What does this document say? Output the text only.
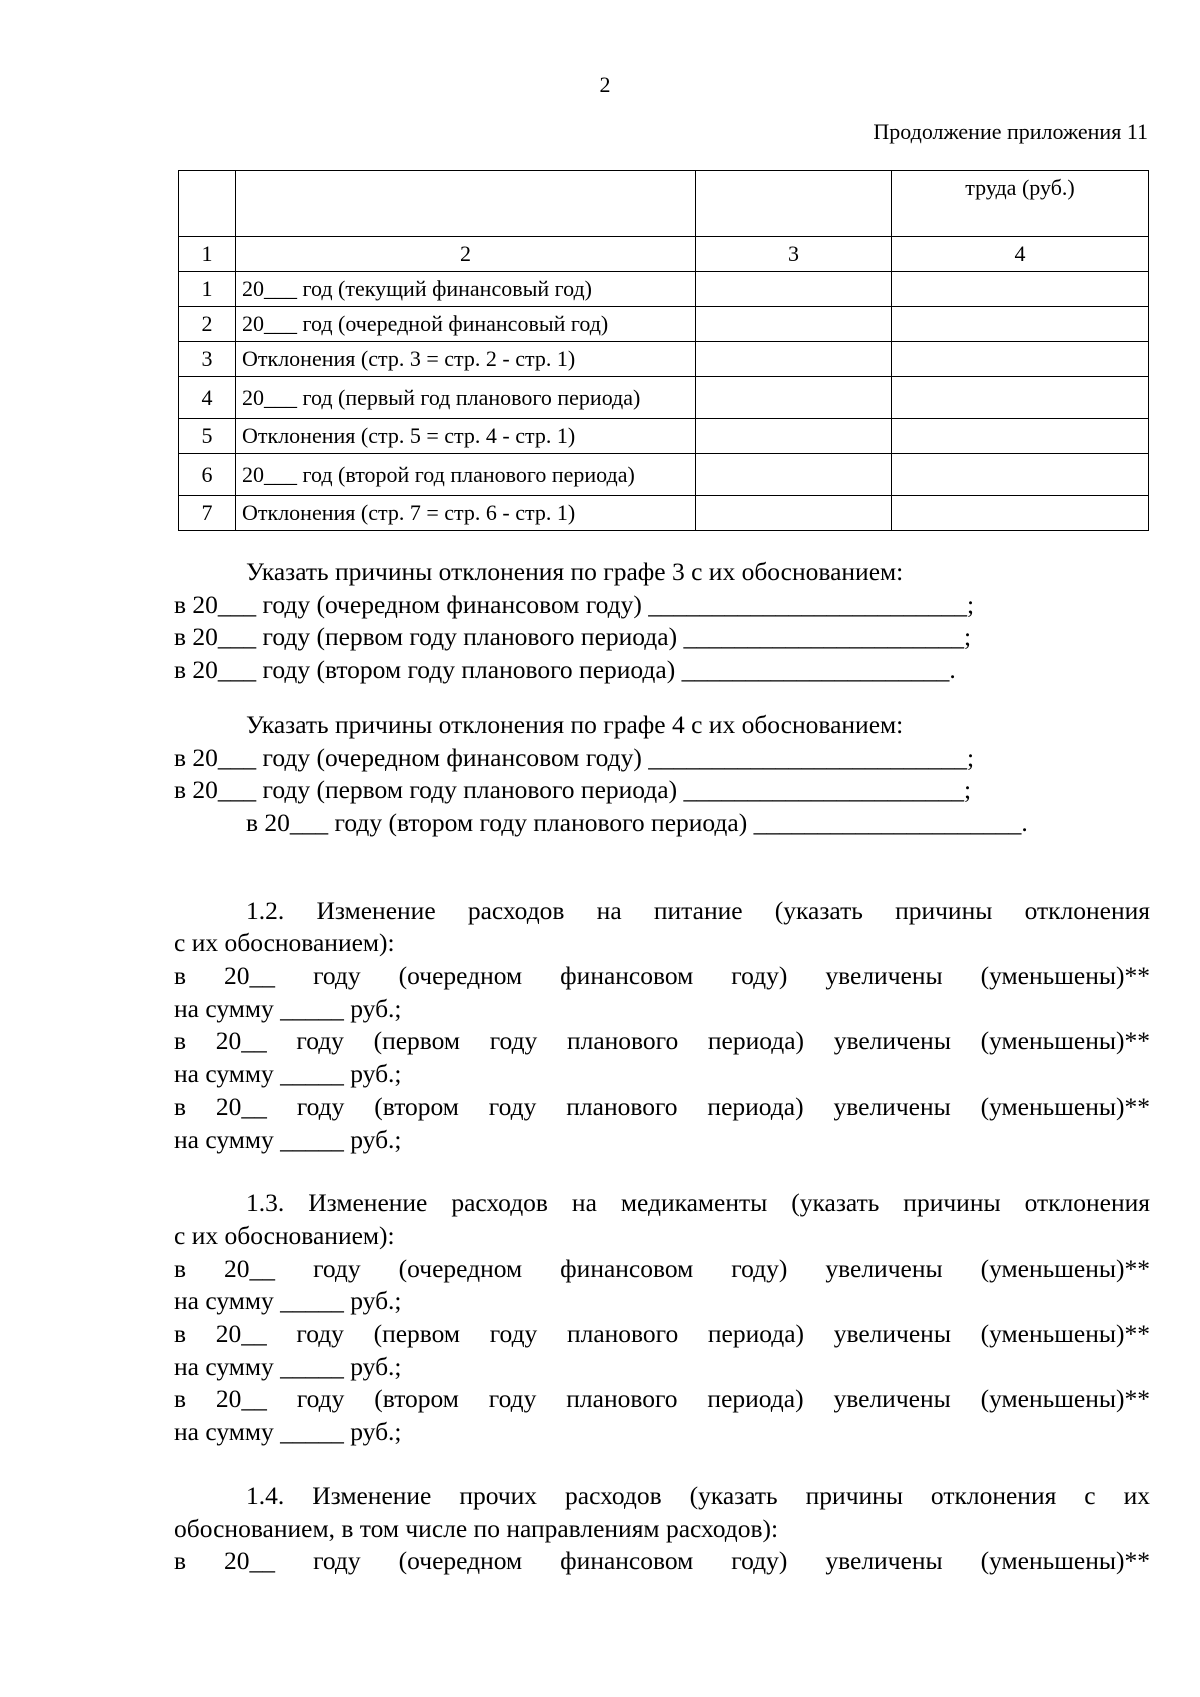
2
Продолжение приложения 11
			труда (руб.)
1	2	3	4
1	20___ год (текущий финансовый год)		
2	20___ год (очередной финансовый год)		
3	Отклонения (стр. 3 = стр. 2 - стр. 1)		
4	20___ год (первый год планового периода)		
5	Отклонения (стр. 5 = стр. 4 - стр. 1)		
6	20___ год (второй год планового периода)		
7	Отклонения (стр. 7 = стр. 6 - стр. 1)		

Указать причины отклонения по графе 3 с их обоснованием:

в 20___ году (очередном финансовом году) _________________________;

в 20___ году (первом году планового периода) ______________________;

в 20___ году (втором году планового периода) _____________________.

Указать причины отклонения по графе 4 с их обоснованием:

в 20___ году (очередном финансовом году) _________________________;

в 20___ году (первом году планового периода) ______________________;

в 20___ году (втором году планового периода) _____________________.

1.2. Изменение расходов на питание (указать причины отклонения

с их обоснованием):

в 20__ году (очередном финансовом году) увеличены (уменьшены)**

на сумму _____ руб.;

в 20__ году (первом году планового периода) увеличены (уменьшены)**

на сумму _____ руб.;

в 20__ году (втором году планового периода) увеличены (уменьшены)**

на сумму _____ руб.;

1.3. Изменение расходов на медикаменты (указать причины отклонения

с их обоснованием):

в 20__ году (очередном финансовом году) увеличены (уменьшены)**

на сумму _____ руб.;

в 20__ году (первом году планового периода) увеличены (уменьшены)**

на сумму _____ руб.;

в 20__ году (втором году планового периода) увеличены (уменьшены)**

на сумму _____ руб.;

1.4. Изменение прочих расходов (указать причины отклонения с их

обоснованием, в том числе по направлениям расходов):

в 20__ году (очередном финансовом году) увеличены (уменьшены)**
